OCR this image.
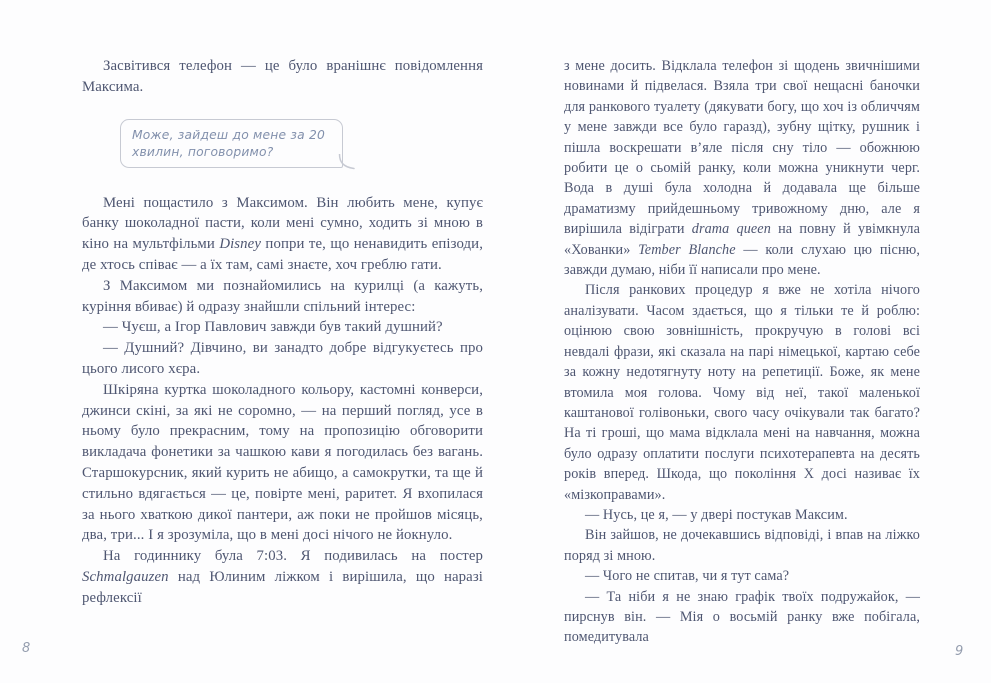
Засвітився телефон — це було вранішнє повідомлення Максима.

Може, зайдеш до мене за 20 хвилин, поговоримо?

Мені пощастило з Максимом. Він любить мене, купує банку шоколадної пасти, коли мені сумно, ходить зі мною в кіно на мультфільми Disney попри те, що ненавидить епізоди, де хтось співає — а їх там, самі знаєте, хоч греблю гати.

З Максимом ми познайомились на курилці (а кажуть, куріння вбиває) й одразу знайшли спільний інтерес:

— Чуєш, а Ігор Павлович завжди був такий душний?

— Душний? Дівчино, ви занадто добре відгукуєтесь про цього лисого хєра.

Шкіряна куртка шоколадного кольору, кастомні конверси, джинси скіні, за які не соромно, — на перший погляд, усе в ньому було прекрасним, тому на пропозицію обговорити викладача фонетики за чашкою кави я погодилась без вагань. Старшокурсник, який курить не абищо, а самокрутки, та ще й стильно вдягається — це, повірте мені, раритет. Я вхопилася за нього хваткою дикої пантери, аж поки не пройшов місяць, два, три... І я зрозуміла, що в мені досі нічого не йокнуло.

На годиннику була 7:03. Я подивилась на постер Schmalgauzen над Юлиним ліжком і вирішила, що наразі рефлексії

з мене досить. Відклала телефон зі щодень звичнішими новинами й підвелася. Взяла три свої нещасні баночки для ранкового туалету (дякувати богу, що хоч із обличчям у мене завжди все було гаразд), зубну щітку, рушник і пішла воскрешати в’яле після сну тіло — обожнюю робити це о сьомій ранку, коли можна уникнути черг. Вода в душі була холодна й додавала ще більше драматизму прийдешньому тривожному дню, але я вирішила відіграти drama queen на повну й увімкнула «Хованки» Tember Blanche — коли слухаю цю пісню, завжди думаю, ніби її написали про мене.

Після ранкових процедур я вже не хотіла нічого аналізувати. Часом здається, що я тільки те й роблю: оцінюю свою зовнішність, прокручую в голові всі невдалі фрази, які сказала на парі німецької, картаю себе за кожну недотягнуту ноту на репетиції. Боже, як мене втомила моя голова. Чому від неї, такої маленької каштанової голівоньки, свого часу очікували так багато? На ті гроші, що мама відклала мені на навчання, можна було одразу оплатити послуги психотерапевта на десять років вперед. Шкода, що покоління Х досі називає їх «мізкоправами».

— Нусь, це я, — у двері постукав Максим.

Він зайшов, не дочекавшись відповіді, і впав на ліжко поряд зі мною.

— Чого не спитав, чи я тут сама?

— Та ніби я не знаю графік твоїх подружайок, — пирснув він. — Мія о восьмій ранку вже побігала, помедитувала

8	9
